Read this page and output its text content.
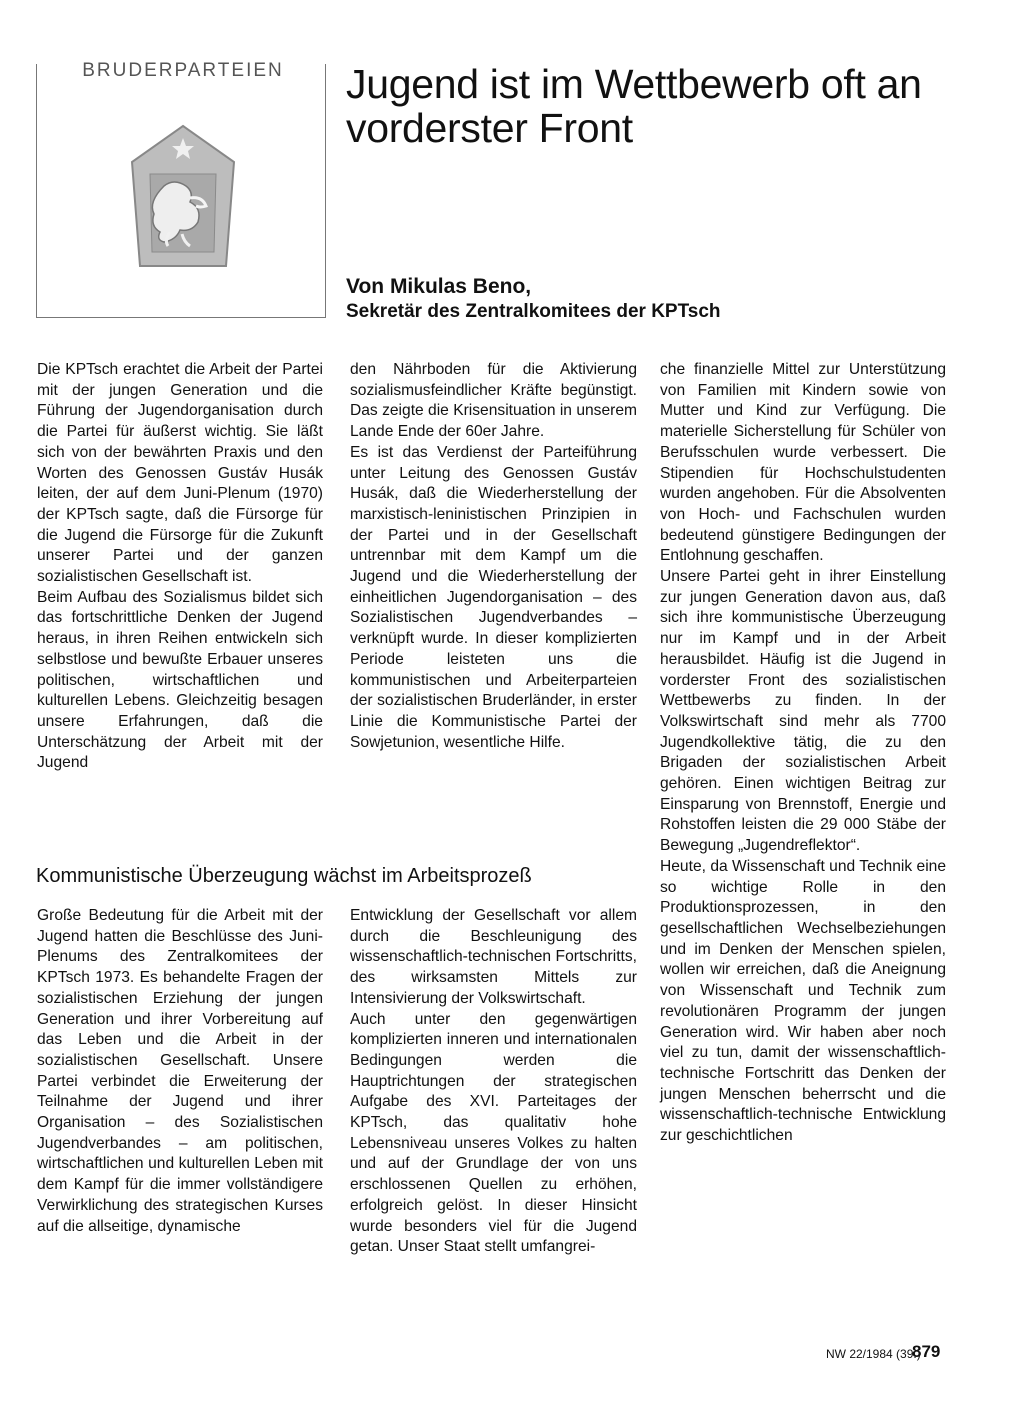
BRUDERPARTEIEN	Jugend ist im Wettbewerb oft an vorderster Front
Von Mikulas Beno,
Sekretär des Zentralkomitees der KPTsch

Die KPTsch erachtet die Arbeit der Partei mit der jungen Generation und die Führung der Jugendorganisation durch die Partei für äußerst wichtig. Sie läßt sich von der bewährten Praxis und den Worten des Genossen Gustáv Husák leiten, der auf dem Juni-Plenum (1970) der KPTsch sagte, daß die Fürsorge für die Jugend die Fürsorge für die Zukunft unserer Partei und der ganzen sozialistischen Gesellschaft ist.

Beim Aufbau des Sozialismus bildet sich das fortschrittliche Denken der Jugend heraus, in ihren Reihen entwickeln sich selbstlose und bewußte Erbauer unseres politischen, wirtschaftlichen und kulturellen Lebens. Gleichzeitig besagen unsere Erfahrungen, daß die Unterschätzung der Arbeit mit der Jugend

den Nährboden für die Aktivierung sozialismusfeindlicher Kräfte begünstigt. Das zeigte die Krisensituation in unserem Lande Ende der 60er Jahre.

Es ist das Verdienst der Parteiführung unter Leitung des Genossen Gustáv Husák, daß die Wiederherstellung der marxistisch-leninistischen Prinzipien in der Partei und in der Gesellschaft untrennbar mit dem Kampf um die Jugend und die Wiederherstellung der einheitlichen Jugendorganisation – des Sozialistischen Jugendverbandes – verknüpft wurde. In dieser komplizierten Periode leisteten uns die kommunistischen und Arbeiterparteien der sozialistischen Bruderländer, in erster Linie die Kommunistische Partei der Sowjetunion, wesentliche Hilfe.

che finanzielle Mittel zur Unterstützung von Familien mit Kindern sowie von Mutter und Kind zur Verfügung. Die materielle Sicherstellung für Schüler von Berufsschulen wurde verbessert. Die Stipendien für Hochschulstudenten wurden angehoben. Für die Absolventen von Hoch- und Fachschulen wurden bedeutend günstigere Bedingungen der Entlohnung geschaffen.

Unsere Partei geht in ihrer Einstellung zur jungen Generation davon aus, daß sich ihre kommunistische Überzeugung nur im Kampf und in der Arbeit herausbildet. Häufig ist die Jugend in vorderster Front des sozialistischen Wettbewerbs zu finden. In der Volkswirtschaft sind mehr als 7700 Jugendkollektive tätig, die zu den Brigaden der sozialistischen Arbeit gehören. Einen wichtigen Beitrag zur Einsparung von Brennstoff, Energie und Rohstoffen leisten die 29 000 Stäbe der Bewegung „Jugendreflektor“.

Heute, da Wissenschaft und Technik eine so wichtige Rolle in den Produktionsprozessen, in den gesellschaftlichen Wechselbeziehungen und im Denken der Menschen spielen, wollen wir erreichen, daß die Aneignung von Wissenschaft und Technik zum revolutionären Programm der jungen Generation wird. Wir haben aber noch viel zu tun, damit der wissenschaftlich-technische Fortschritt das Denken der jungen Menschen beherrscht und die wissenschaftlich-technische Entwicklung zur geschichtlichen

Kommunistische Überzeugung wächst im Arbeitsprozeß

Große Bedeutung für die Arbeit mit der Jugend hatten die Beschlüsse des Juni-Plenums des Zentralkomitees der KPTsch 1973. Es behandelte Fragen der sozialistischen Erziehung der jungen Generation und ihrer Vorbereitung auf das Leben und die Arbeit in der sozialistischen Gesellschaft. Unsere Partei verbindet die Erweiterung der Teilnahme der Jugend und ihrer Organisation – des Sozialistischen Jugendverbandes – am politischen, wirtschaftlichen und kulturellen Leben mit dem Kampf für die immer vollständigere Verwirklichung des strategischen Kurses auf die allseitige, dynamische

Entwicklung der Gesellschaft vor allem durch die Beschleunigung des wissenschaftlich-technischen Fortschritts, des wirksamsten Mittels zur Intensivierung der Volkswirtschaft.

Auch unter den gegenwärtigen komplizierten inneren und internationalen Bedingungen werden die Hauptrichtungen der strategischen Aufgabe des XVI. Parteitages der KPTsch, das qualitativ hohe Lebensniveau unseres Volkes zu halten und auf der Grundlage der von uns erschlossenen Quellen zu erhöhen, erfolgreich gelöst. In dieser Hinsicht wurde besonders viel für die Jugend getan. Unser Staat stellt umfangrei-

NW 22/1984 (39.)
879
